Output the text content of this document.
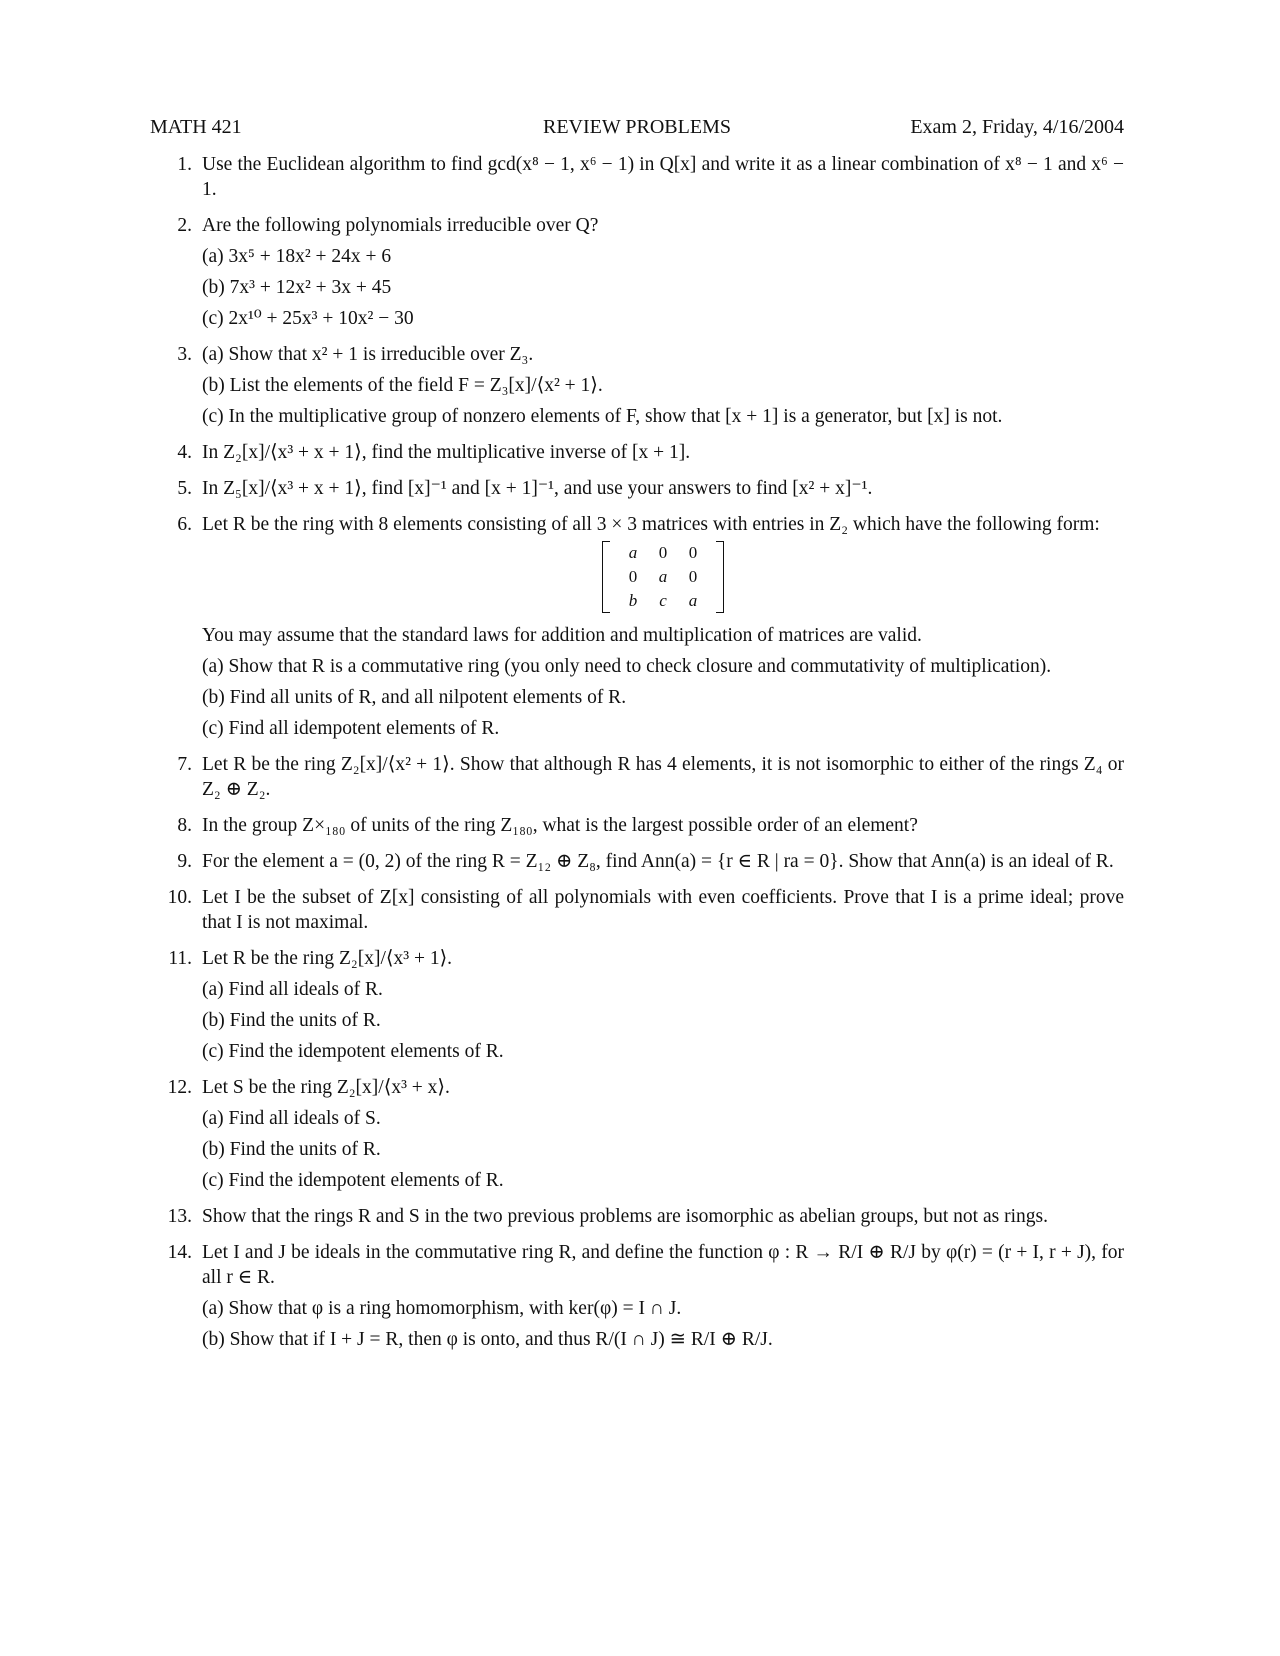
MATH 421	REVIEW PROBLEMS	Exam 2, Friday, 4/16/2004
1. Use the Euclidean algorithm to find gcd(x⁸ − 1, x⁶ − 1) in Q[x] and write it as a linear combination of x⁸ − 1 and x⁶ − 1.

2. Are the following polynomials irreducible over Q?

(a) 3x⁵ + 18x² + 24x + 6

(b) 7x³ + 12x² + 3x + 45

(c) 2x¹⁰ + 25x³ + 10x² − 30

3. (a) Show that x² + 1 is irreducible over Z₃.

(b) List the elements of the field F = Z₃[x]/⟨x² + 1⟩.

(c) In the multiplicative group of nonzero elements of F, show that [x + 1] is a generator, but [x] is not.

4. In Z₂[x]/⟨x³ + x + 1⟩, find the multiplicative inverse of [x + 1].

5. In Z₅[x]/⟨x³ + x + 1⟩, find [x]⁻¹ and [x + 1]⁻¹, and use your answers to find [x² + x]⁻¹.

6. Let R be the ring with 8 elements consisting of all 3 × 3 matrices with entries in Z₂ which have the following form:

a	0	0
0	a	0
b	c	a

You may assume that the standard laws for addition and multiplication of matrices are valid.

(a) Show that R is a commutative ring (you only need to check closure and commutativity of multiplication).

(b) Find all units of R, and all nilpotent elements of R.

(c) Find all idempotent elements of R.

7. Let R be the ring Z₂[x]/⟨x² + 1⟩. Show that although R has 4 elements, it is not isomorphic to either of the rings Z₄ or Z₂ ⊕ Z₂.

8. In the group Z×₁₈₀ of units of the ring Z₁₈₀, what is the largest possible order of an element?

9. For the element a = (0, 2) of the ring R = Z₁₂ ⊕ Z₈, find Ann(a) = {r ∈ R | ra = 0}. Show that Ann(a) is an ideal of R.

10. Let I be the subset of Z[x] consisting of all polynomials with even coefficients. Prove that I is a prime ideal; prove that I is not maximal.

11. Let R be the ring Z₂[x]/⟨x³ + 1⟩.

(a) Find all ideals of R.

(b) Find the units of R.

(c) Find the idempotent elements of R.

12. Let S be the ring Z₂[x]/⟨x³ + x⟩.

(a) Find all ideals of S.

(b) Find the units of R.

(c) Find the idempotent elements of R.

13. Show that the rings R and S in the two previous problems are isomorphic as abelian groups, but not as rings.

14. Let I and J be ideals in the commutative ring R, and define the function φ : R → R/I ⊕ R/J by φ(r) = (r + I, r + J), for all r ∈ R.

(a) Show that φ is a ring homomorphism, with ker(φ) = I ∩ J.

(b) Show that if I + J = R, then φ is onto, and thus R/(I ∩ J) ≅ R/I ⊕ R/J.
